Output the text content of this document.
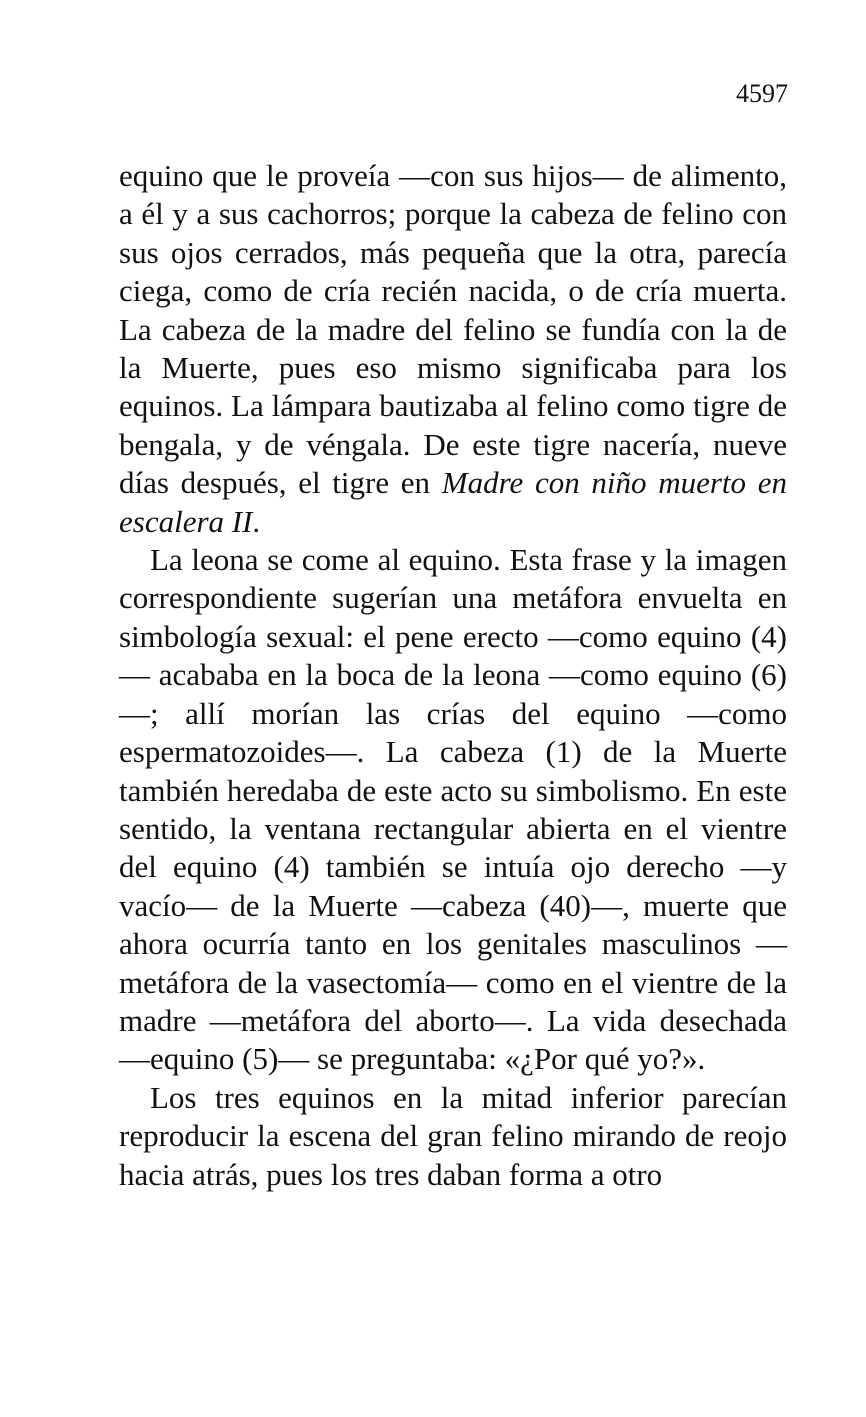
4597

equino que le proveía —con sus hijos— de alimento, a él y a sus cachorros; porque la cabeza de felino con sus ojos cerrados, más pequeña que la otra, parecía ciega, como de cría recién nacida, o de cría muerta. La cabeza de la madre del felino se fundía con la de la Muerte, pues eso mismo significaba para los equinos. La lámpara bautizaba al felino como tigre de bengala, y de véngala. De este tigre nacería, nueve días después, el tigre en Madre con niño muerto en escalera II.

La leona se come al equino. Esta frase y la imagen correspondiente sugerían una metáfora envuelta en simbología sexual: el pene erecto —como equino (4)— acababa en la boca de la leona —como equino (6)—; allí morían las crías del equino —como espermatozoides—. La cabeza (1) de la Muerte también heredaba de este acto su simbolismo. En este sentido, la ventana rectangular abierta en el vientre del equino (4) también se intuía ojo derecho —y vacío— de la Muerte —cabeza (40)—, muerte que ahora ocurría tanto en los genitales masculinos —metáfora de la vasectomía— como en el vientre de la madre —metáfora del aborto—. La vida desechada —equino (5)— se preguntaba: «¿Por qué yo?».

Los tres equinos en la mitad inferior parecían reproducir la escena del gran felino mirando de reojo hacia atrás, pues los tres daban forma a otro
